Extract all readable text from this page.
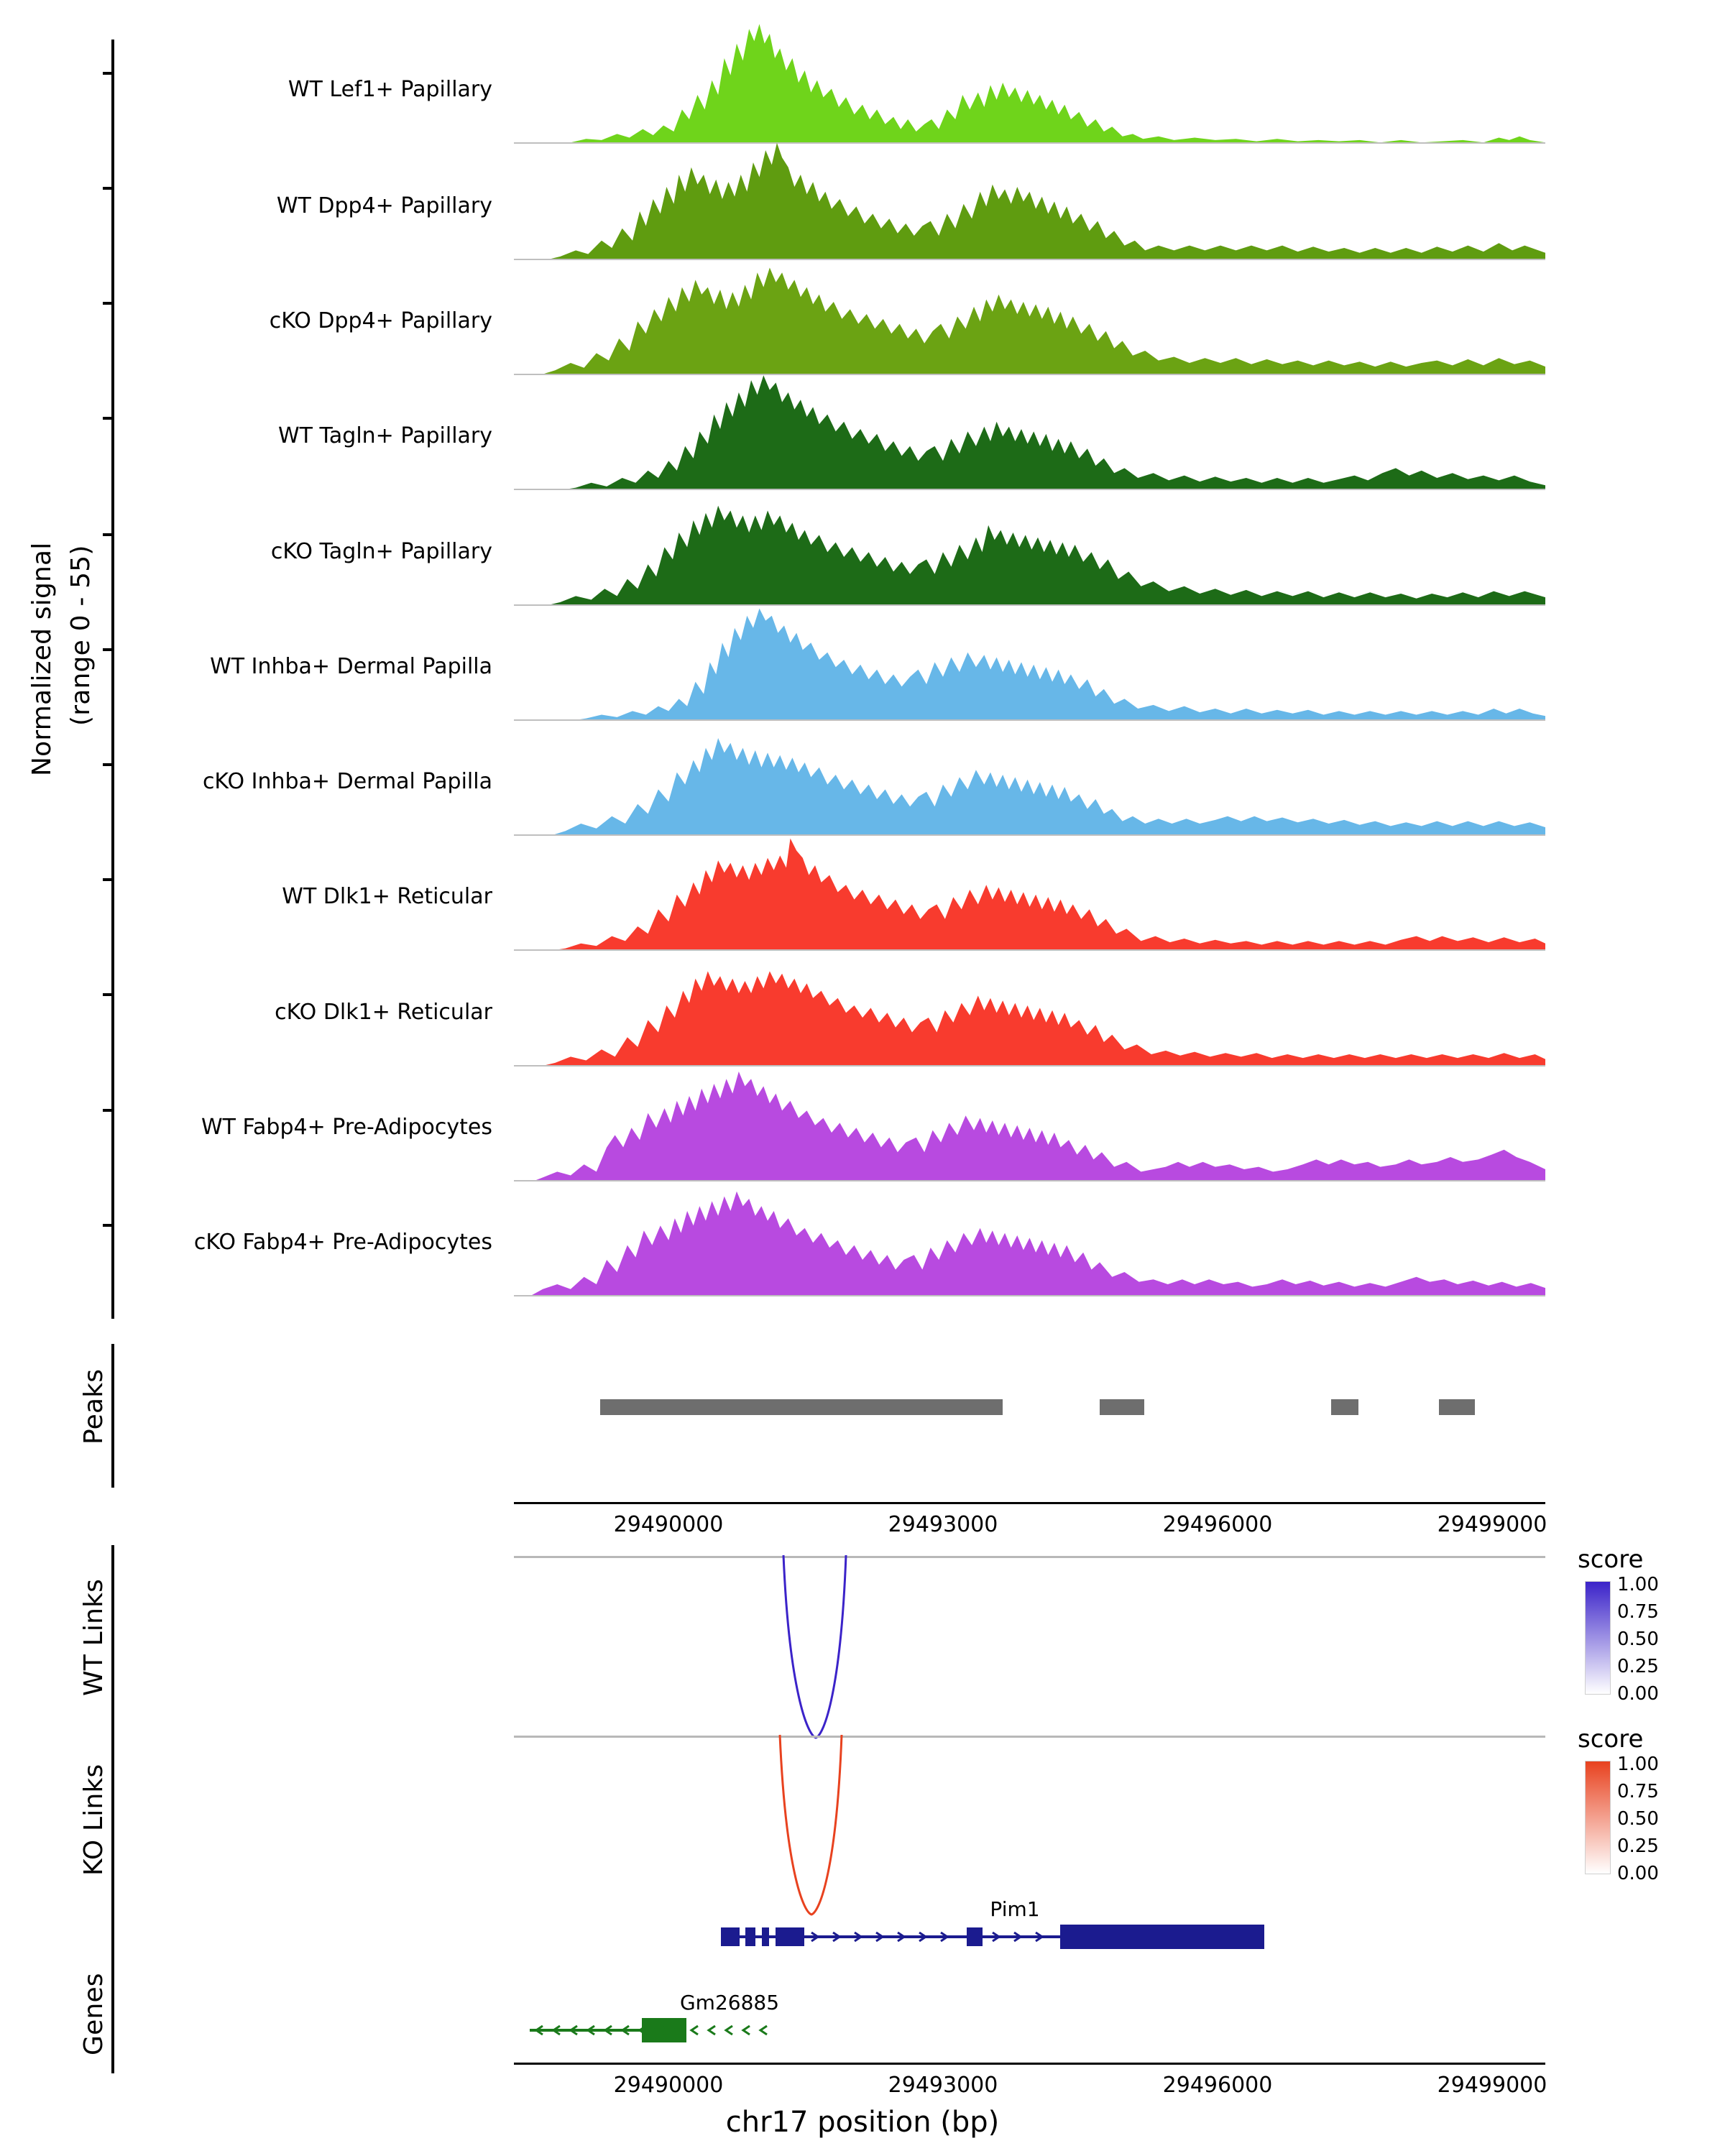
Normalized signal (range 0 - 55)
WT Lef1+ Papillary
WT Dpp4+ Papillary
cKO Dpp4+ Papillary
WT Tagln+ Papillary
cKO Tagln+ Papillary
WT Inhba+ Dermal Papilla
cKO Inhba+ Dermal Papilla
WT Dlk1+ Reticular
cKO Dlk1+ Reticular
WT Fabp4+ Pre-Adipocytes
cKO Fabp4+ Pre-Adipocytes
Peaks
29490000	29493000	29496000	29499000
WT Links
score
1.00
0.75
0.50
0.25
0.00
KO Links
score
1.00
0.75
0.50
0.25
0.00
Genes
Pim1
Gm26885
29490000	29493000	29496000	29499000
chr17 position (bp)
